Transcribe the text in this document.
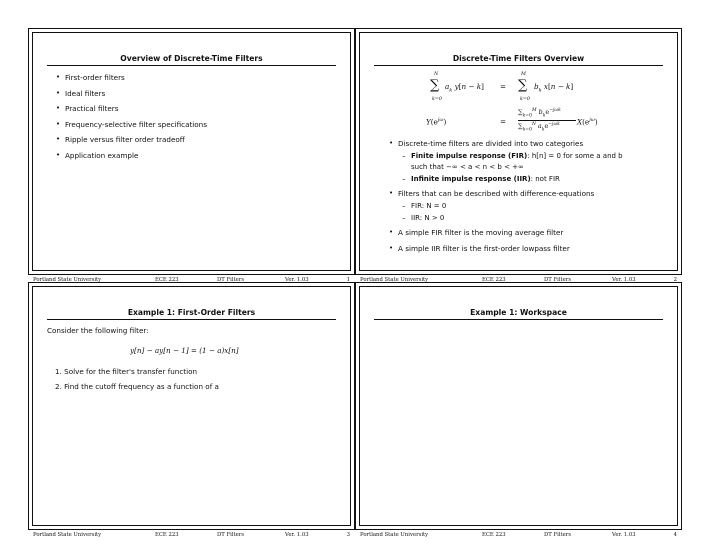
Overview of Discrete-Time Filters
• First-order filters
• Ideal filters
• Practical filters
• Frequency-selective filter specifications
• Ripple versus filter order tradeoff
• Application example
Portland State University	ECE 223	DT Filters	Ver. 1.03	1
Discrete-Time Filters Overview
N
∑
k=0
$a_k$ y[n − k] =
M
∑
k=0
$b_k$ x[n − k]
$Y(e^{j\omega})$	=
$\sum_{k=0}^M$ $b_ke^{-j\omega k}$
$\sum_{k=0}^N$ $a_ke^{-j\omega k}$ $X(e^{j\omega})$
• Discrete-time filters are divided into two categories
– Finite impulse response (FIR): h[n] = 0 for some a and b
such that −∞ < a < n < b < +∞
– Infinite impulse response (IIR): not FIR
• Filters that can be described with difference-equations
– FIR: N = 0
– IIR: N > 0
• A simple FIR filter is the moving average filter
• A simple IIR filter is the first-order lowpass filter
Portland State University	ECE 223	DT Filters	Ver. 1.03	2
Example 1: First-Order Filters
Consider the following filter:
y[n] − ay[n − 1] = (1 − a)x[n]
1. Solve for the filter's transfer function
2. Find the cutoff frequency as a function of a
Portland State University	ECE 223	DT Filters	Ver. 1.03	3
Example 1: Workspace
Portland State University	ECE 223	DT Filters	Ver. 1.03	4
